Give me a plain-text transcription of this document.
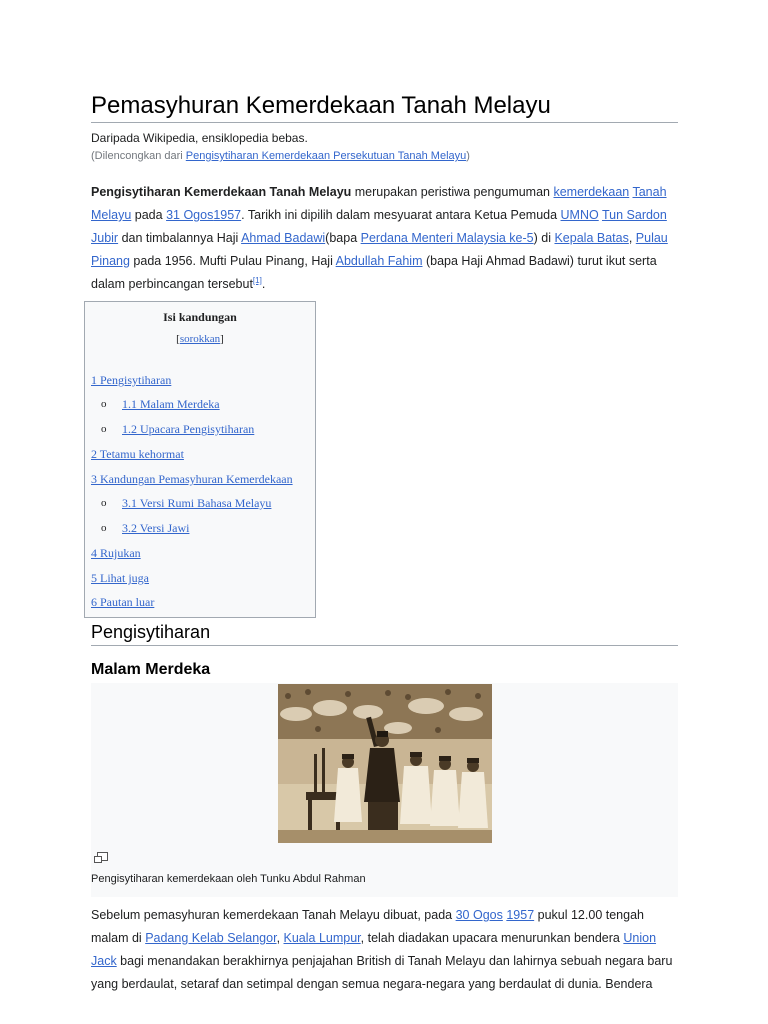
Pemasyhuran Kemerdekaan Tanah Melayu
Daripada Wikipedia, ensiklopedia bebas.
(Dilencongkan dari Pengisytiharan Kemerdekaan Persekutuan Tanah Melayu)

Pengisytiharan Kemerdekaan Tanah Melayu merupakan peristiwa pengumuman kemerdekaan Tanah Melayu pada 31 Ogos1957. Tarikh ini dipilih dalam mesyuarat antara Ketua Pemuda UMNO Tun Sardon Jubir dan timbalannya Haji Ahmad Badawi(bapa Perdana Menteri Malaysia ke-5) di Kepala Batas, Pulau Pinang pada 1956. Mufti Pulau Pinang, Haji Abdullah Fahim (bapa Haji Ahmad Badawi) turut ikut serta dalam perbincangan tersebut[1].

Isi kandungan
[sorokkan]
1 Pengisytiharan
o 1.1 Malam Merdeka
o 1.2 Upacara Pengisytiharan
2 Tetamu kehormat
3 Kandungan Pemasyhuran Kemerdekaan
o 3.1 Versi Rumi Bahasa Melayu
o 3.2 Versi Jawi
4 Rujukan
5 Lihat juga
6 Pautan luar
Pengisytiharan
Malam Merdeka
Pengisytiharan kemerdekaan oleh Tunku Abdul Rahman

Sebelum pemasyhuran kemerdekaan Tanah Melayu dibuat, pada 30 Ogos 1957 pukul 12.00 tengah malam di Padang Kelab Selangor, Kuala Lumpur, telah diadakan upacara menurunkan bendera Union Jack bagi menandakan berakhirnya penjajahan British di Tanah Melayu dan lahirnya sebuah negara baru yang berdaulat, setaraf dan setimpal dengan semua negara-negara yang berdaulat di dunia. Bendera
